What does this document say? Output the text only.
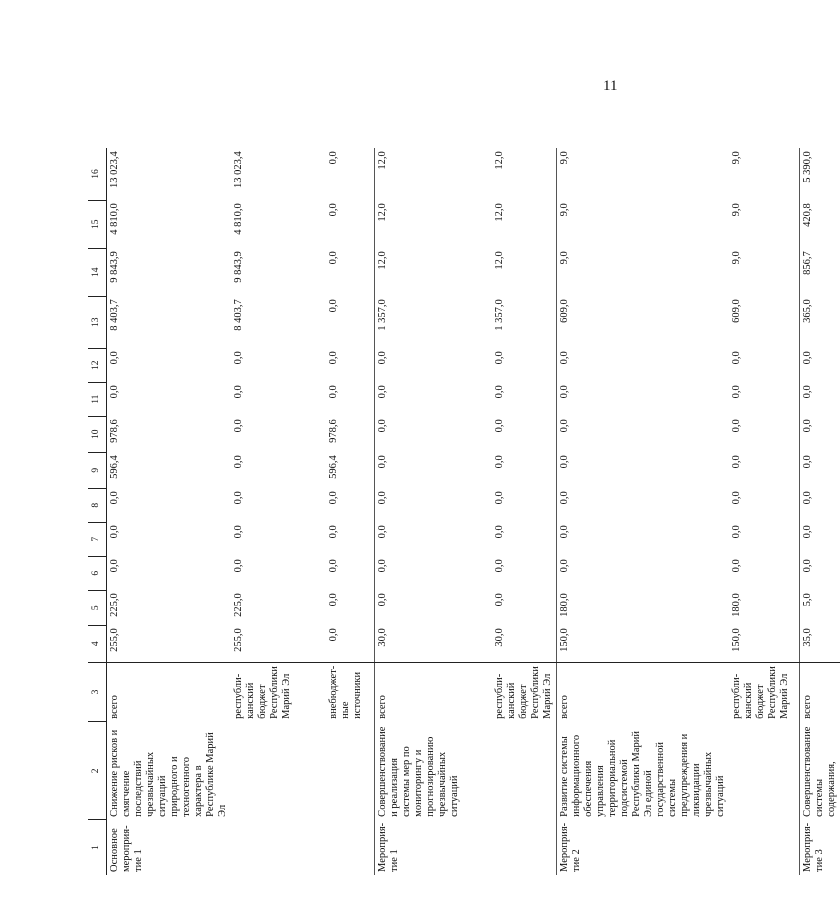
11
1	2	3	4	5	6	7	8	9	10	11	12	13	14	15	16
Основное мероприя-тие 1	Снижение рисков и смягчение последствий чрезвычайных ситуаций природного и техногенного характера в Республике Марий Эл	всего	255,0	225,0	0,0	0,0	0,0	596,4	978,6	0,0	0,0	8 403,7	9 843,9	4 810,0	13 023,4
		республи-канский бюджет Республики Марий Эл	255,0	225,0	0,0	0,0	0,0	0,0	0,0	0,0	0,0	8 403,7	9 843,9	4 810,0	13 023,4
		внебюджет-ные источники	0,0	0,0	0,0	0,0	0,0	596,4	978,6	0,0	0,0	0,0	0,0	0,0	0,0
Мероприя-тие 1	Совершенствование и реализация системы мер по мониторингу и прогнозированию чрезвычайных ситуаций	всего	30,0	0,0	0,0	0,0	0,0	0,0	0,0	0,0	0,0	1 357,0	12,0	12,0	12,0
		республи-канский бюджет Республики Марий Эл	30,0	0,0	0,0	0,0	0,0	0,0	0,0	0,0	0,0	1 357,0	12,0	12,0	12,0
Мероприя-тие 2	Развитие системы информационного обеспечения управления территориальной подсистемой Республики Марий Эл единой государственной системы предупреждения и ликвидации чрезвычайных ситуаций	всего	150,0	180,0	0,0	0,0	0,0	0,0	0,0	0,0	0,0	609,0	9,0	9,0	9,0
		республи-канский бюджет Республики Марий Эл	150,0	180,0	0,0	0,0	0,0	0,0	0,0	0,0	0,0	609,0	9,0	9,0	9,0
Мероприя-тие 3	Совершенствование системы содержания,	всего	35,0	5,0	0,0	0,0	0,0	0,0	0,0	0,0	0,0	365,0	856,7	420,8	5 390,0
